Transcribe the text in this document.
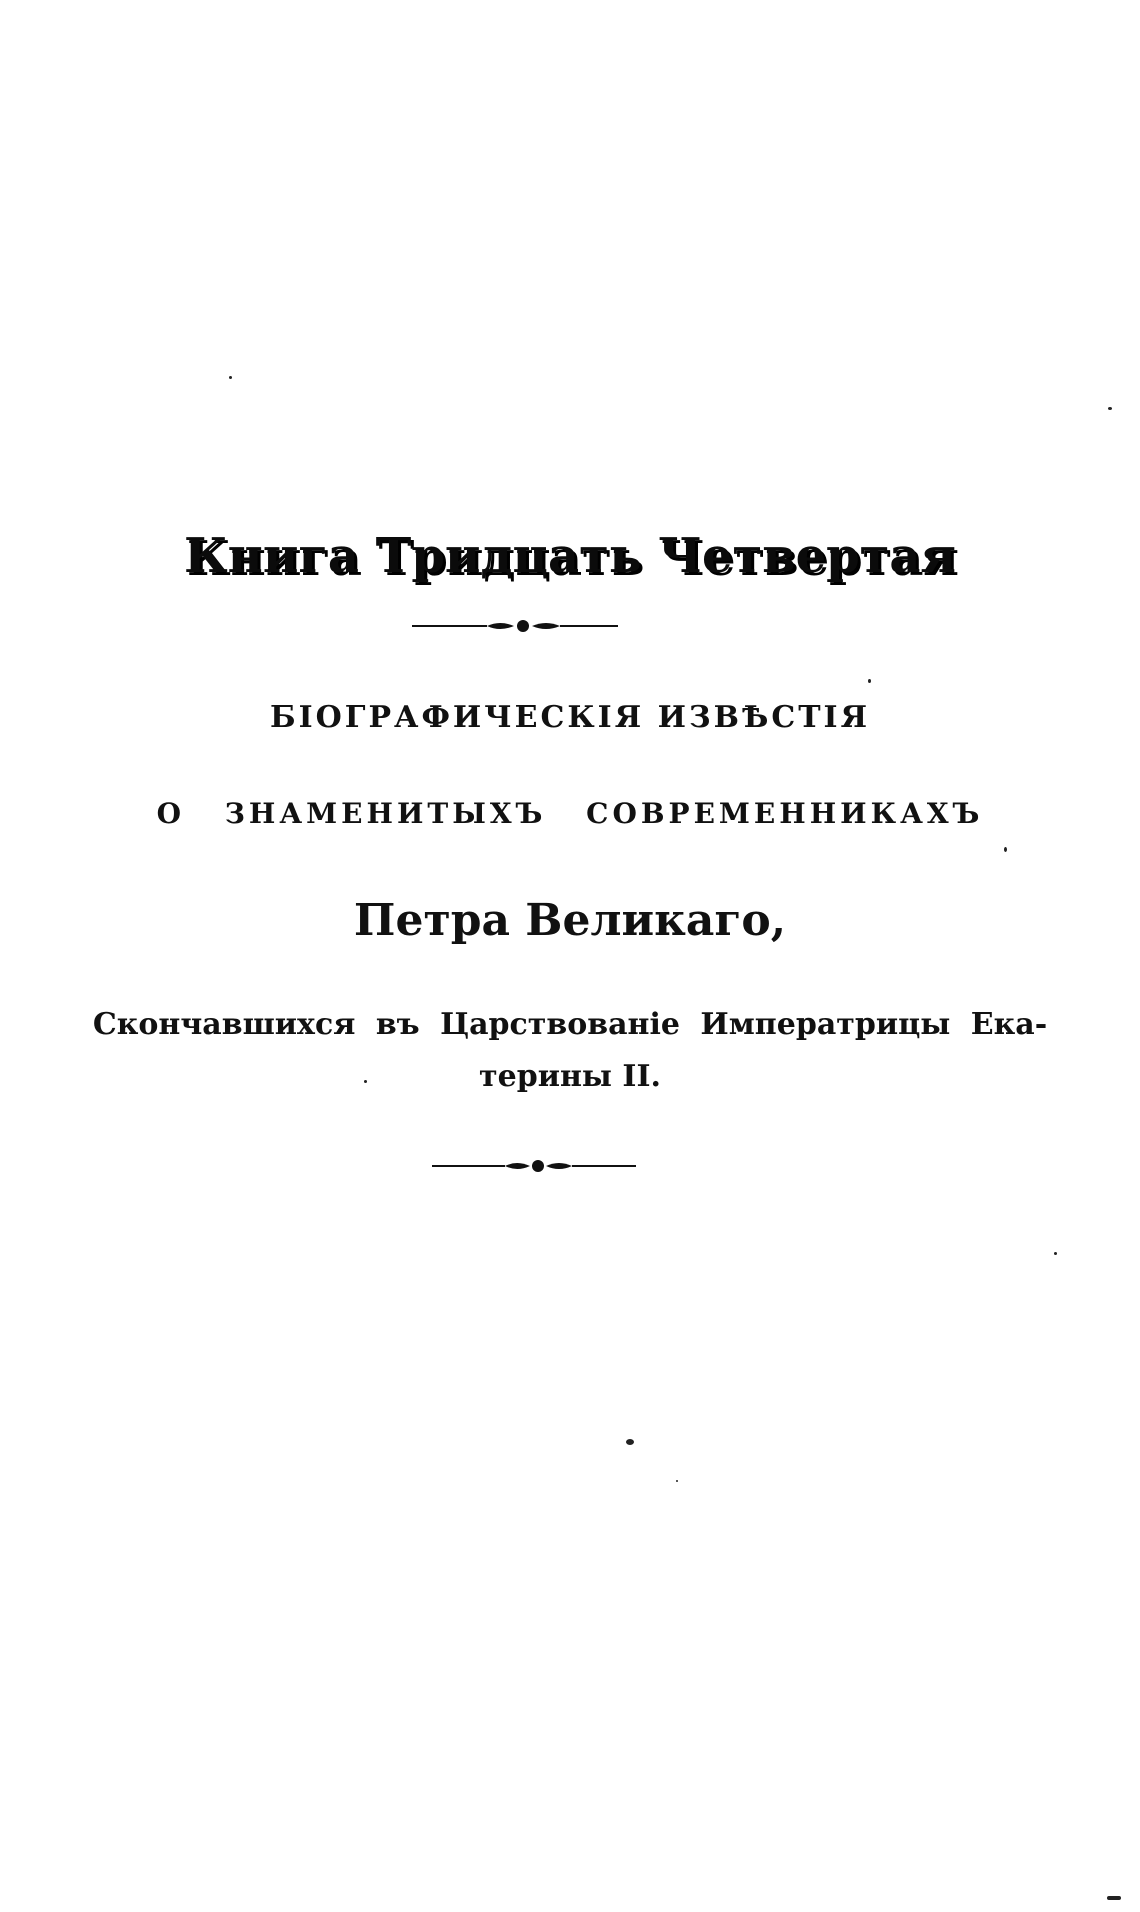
Книга Тридцать Четвертая
БІОГРАФИЧЕСКІЯ ИЗВѢСТІЯ
О ЗНАМЕНИТЫХЪ СОВРЕМЕННИКАХЪ
Петра Великаго,
Скончавшихся въ Царствованіе Императрицы Ека-
терины II.
